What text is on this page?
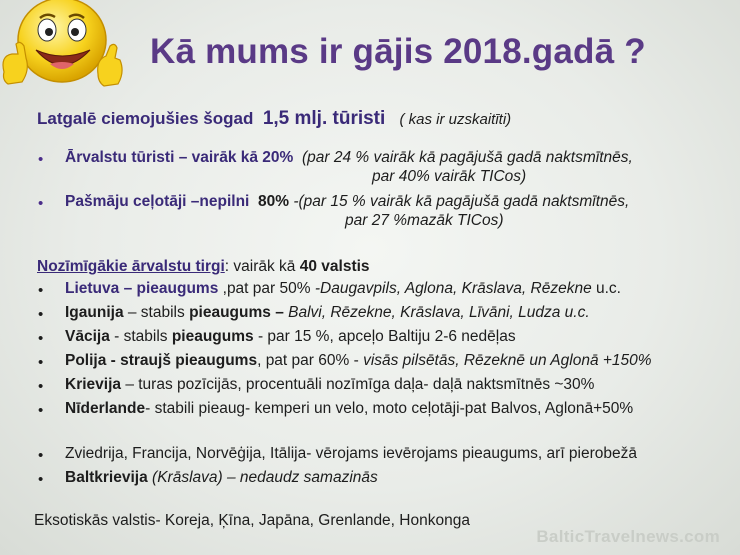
Kā mums ir gājis 2018.gadā ?
Latgalē ciemojušies šogad 1,5 mlj. tūristi ( kas ir uzskaitīti)
• Ārvalstu tūristi – vairāk kā 20% (par 24 % vairāk kā pagājušā gadā naktsmītnēs,
par 40% vairāk TICos)
• Pašmāju ceļotāji –nepilni 80% -(par 15 % vairāk kā pagājušā gadā naktsmītnēs,
par 27 %mazāk TICos)
Nozīmīgākie ārvalstu tirgi: vairāk kā 40 valstis
• Lietuva – pieaugums ,pat par 50% -Daugavpils, Aglona, Krāslava, Rēzekne u.c.
• Igaunija – stabils pieaugums – Balvi, Rēzekne, Krāslava, Līvāni, Ludza u.c.
• Vācija - stabils pieaugums - par 15 %, apceļo Baltiju 2-6 nedēļas
• Polija - straujš pieaugums, pat par 60% - visās pilsētās, Rēzeknē un Aglonā +150%
• Krievija – turas pozīcijās, procentuāli nozīmīga daļa- daļā naktsmītnēs ~30%
• Nīderlande- stabili pieaug- kemperi un velo, moto ceļotāji-pat Balvos, Aglonā+50%
• Zviedrija, Francija, Norvēģija, Itālija- vērojams ievērojams pieaugums, arī pierobežā
• Baltkrievija (Krāslava) – nedaudz samazinās
Eksotiskās valstis- Koreja, Ķīna, Japāna, Grenlande, Honkonga
BalticTravelnews.com
